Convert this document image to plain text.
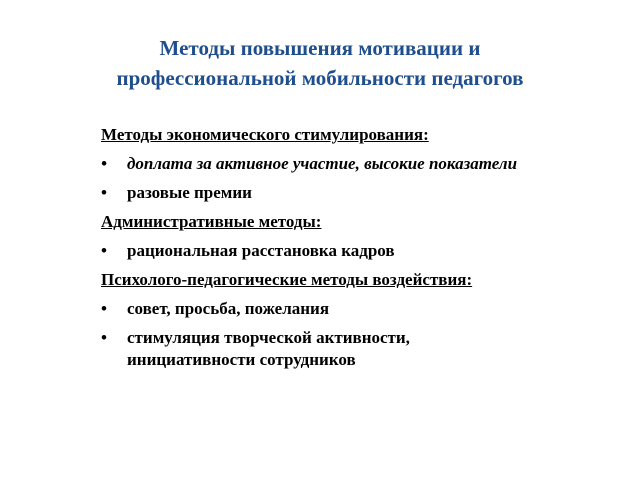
Методы повышения мотивации и
профессиональной мобильности педагогов
Методы экономического стимулирования:
• доплата за активное участие, высокие показатели
• разовые премии
Административные методы:
• рациональная расстановка кадров
Психолого-педагогические методы воздействия:
• совет, просьба, пожелания
• стимуляция творческой активности, инициативности сотрудников
